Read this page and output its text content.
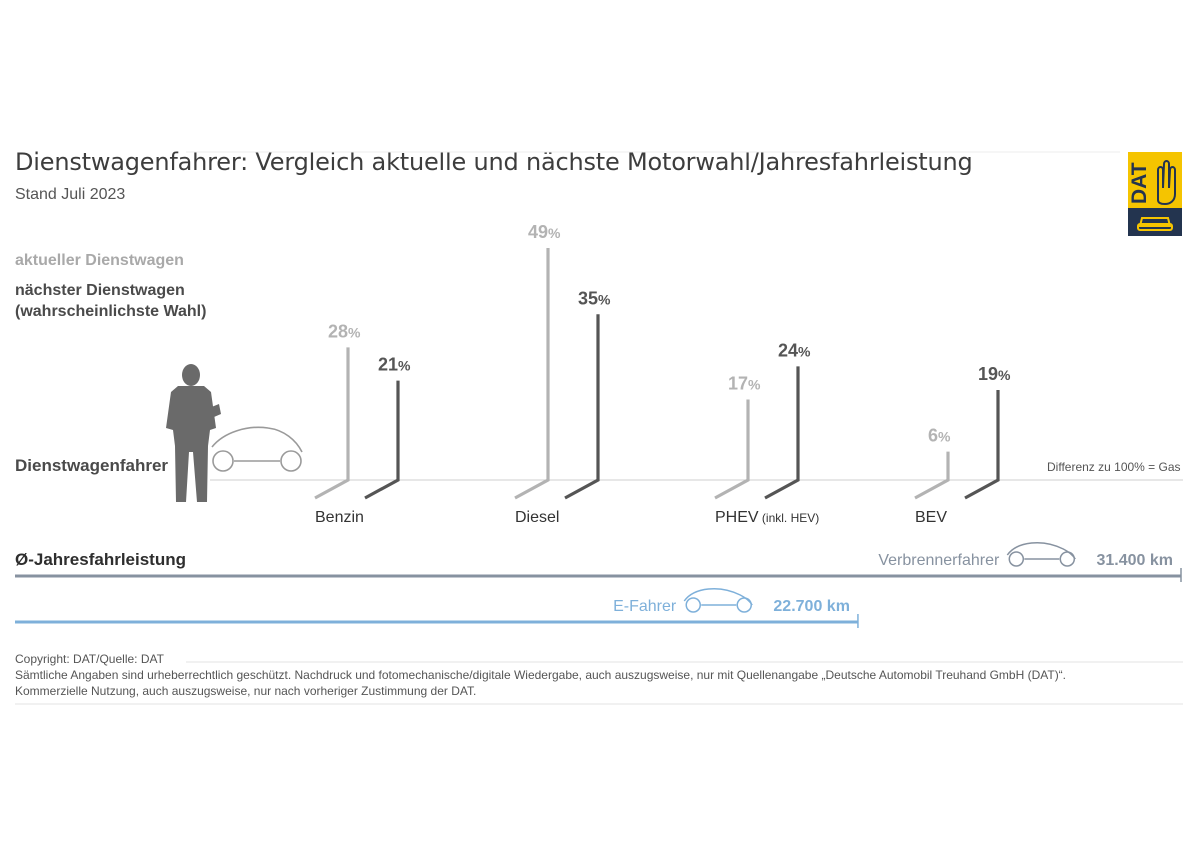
Dienstwagenfahrer: Vergleich aktuelle und nächste Motorwahl/Jahresfahrleistung
Stand Juli 2023
aktueller Dienstwagen
nächster Dienstwagen
(wahrscheinlichste Wahl)
Dienstwagenfahrer	Differenz zu 100% = Gas
Ø-Jahresfahrleistung
28%
21%
Benzin
49%
35%
Diesel
17%
24%
PHEV (inkl. HEV)
6%
19%
BEV
31.400 km
Verbrennerfahrer
22.700 km
E-Fahrer
Copyright: DAT/Quelle: DAT
Sämtliche Angaben sind urheberrechtlich geschützt. Nachdruck und fotomechanische/digitale Wiedergabe, auch auszugsweise, nur mit Quellenangabe „Deutsche Automobil Treuhand GmbH (DAT)“.
Kommerzielle Nutzung, auch auszugsweise, nur nach vorheriger Zustimmung der DAT.
DAT
